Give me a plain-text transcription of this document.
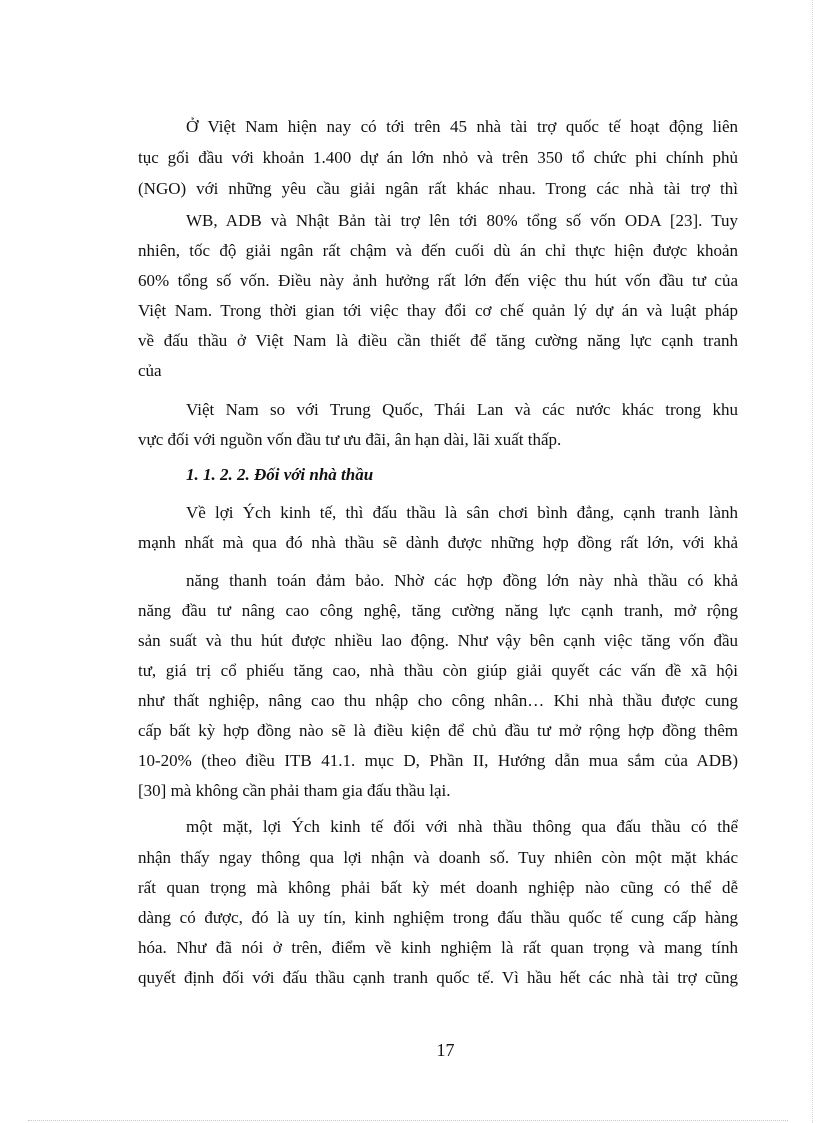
Ở Việt Nam hiện nay có tới trên 45 nhà tài trợ quốc tế hoạt động liên
tục gối đầu với khoản 1.400 dự án lớn nhỏ và trên 350 tổ chức phi chính phủ
(NGO) với những yêu cầu giải ngân rất khác nhau. Trong các nhà tài trợ thì
WB, ADB và Nhật Bản tài trợ lên tới 80% tổng số vốn ODA [23]. Tuy
nhiên, tốc độ giải ngân rất chậm và đến cuối dù án chỉ thực hiện được khoản
60% tổng số vốn. Điều này ảnh hưởng rất lớn đến việc thu hút vốn đầu tư của
Việt Nam. Trong thời gian tới việc thay đổi cơ chế quản lý dự án và luật pháp
về đấu thầu ở Việt Nam là điều cần thiết để tăng cường năng lực cạnh tranh
của
Việt Nam so với Trung Quốc, Thái Lan và các nước khác trong khu
vực đối với nguồn vốn đầu tư ưu đãi, ân hạn dài, lãi xuất thấp.
1. 1. 2. 2. Đối với nhà thầu
Về lợi Ých kinh tế, thì đấu thầu là sân chơi bình đẳng, cạnh tranh lành
mạnh nhất mà qua đó nhà thầu sẽ dành được những hợp đồng rất lớn, với khả
năng thanh toán đảm bảo. Nhờ các hợp đồng lớn này nhà thầu có khả
năng đầu tư nâng cao công nghệ, tăng cường năng lực cạnh tranh, mở rộng
sản suất và thu hút được nhiều lao động. Như vậy bên cạnh việc tăng vốn đầu
tư, giá trị cổ phiếu tăng cao, nhà thầu còn giúp giải quyết các vấn đề xã hội
như thất nghiệp, nâng cao thu nhập cho công nhân… Khi nhà thầu được cung
cấp bất kỳ hợp đồng nào sẽ là điều kiện để chủ đầu tư mở rộng hợp đồng thêm
10-20% (theo điều ITB 41.1. mục D, Phần II, Hướng dẫn mua sắm của ADB)
[30] mà không cần phải tham gia đấu thầu lại.
một mặt, lợi Ých kinh tế đối với nhà thầu thông qua đấu thầu có thể
nhận thấy ngay thông qua lợi nhận và doanh số. Tuy nhiên còn một mặt khác
rất quan trọng mà không phải bất kỳ mét doanh nghiệp nào cũng có thể dễ
dàng có được, đó là uy tín, kinh nghiệm trong đấu thầu quốc tế cung cấp hàng
hóa. Như đã nói ở trên, điểm về kinh nghiệm là rất quan trọng và mang tính
quyết định đối với đấu thầu cạnh tranh quốc tế. Vì hầu hết các nhà tài trợ cũng
17
